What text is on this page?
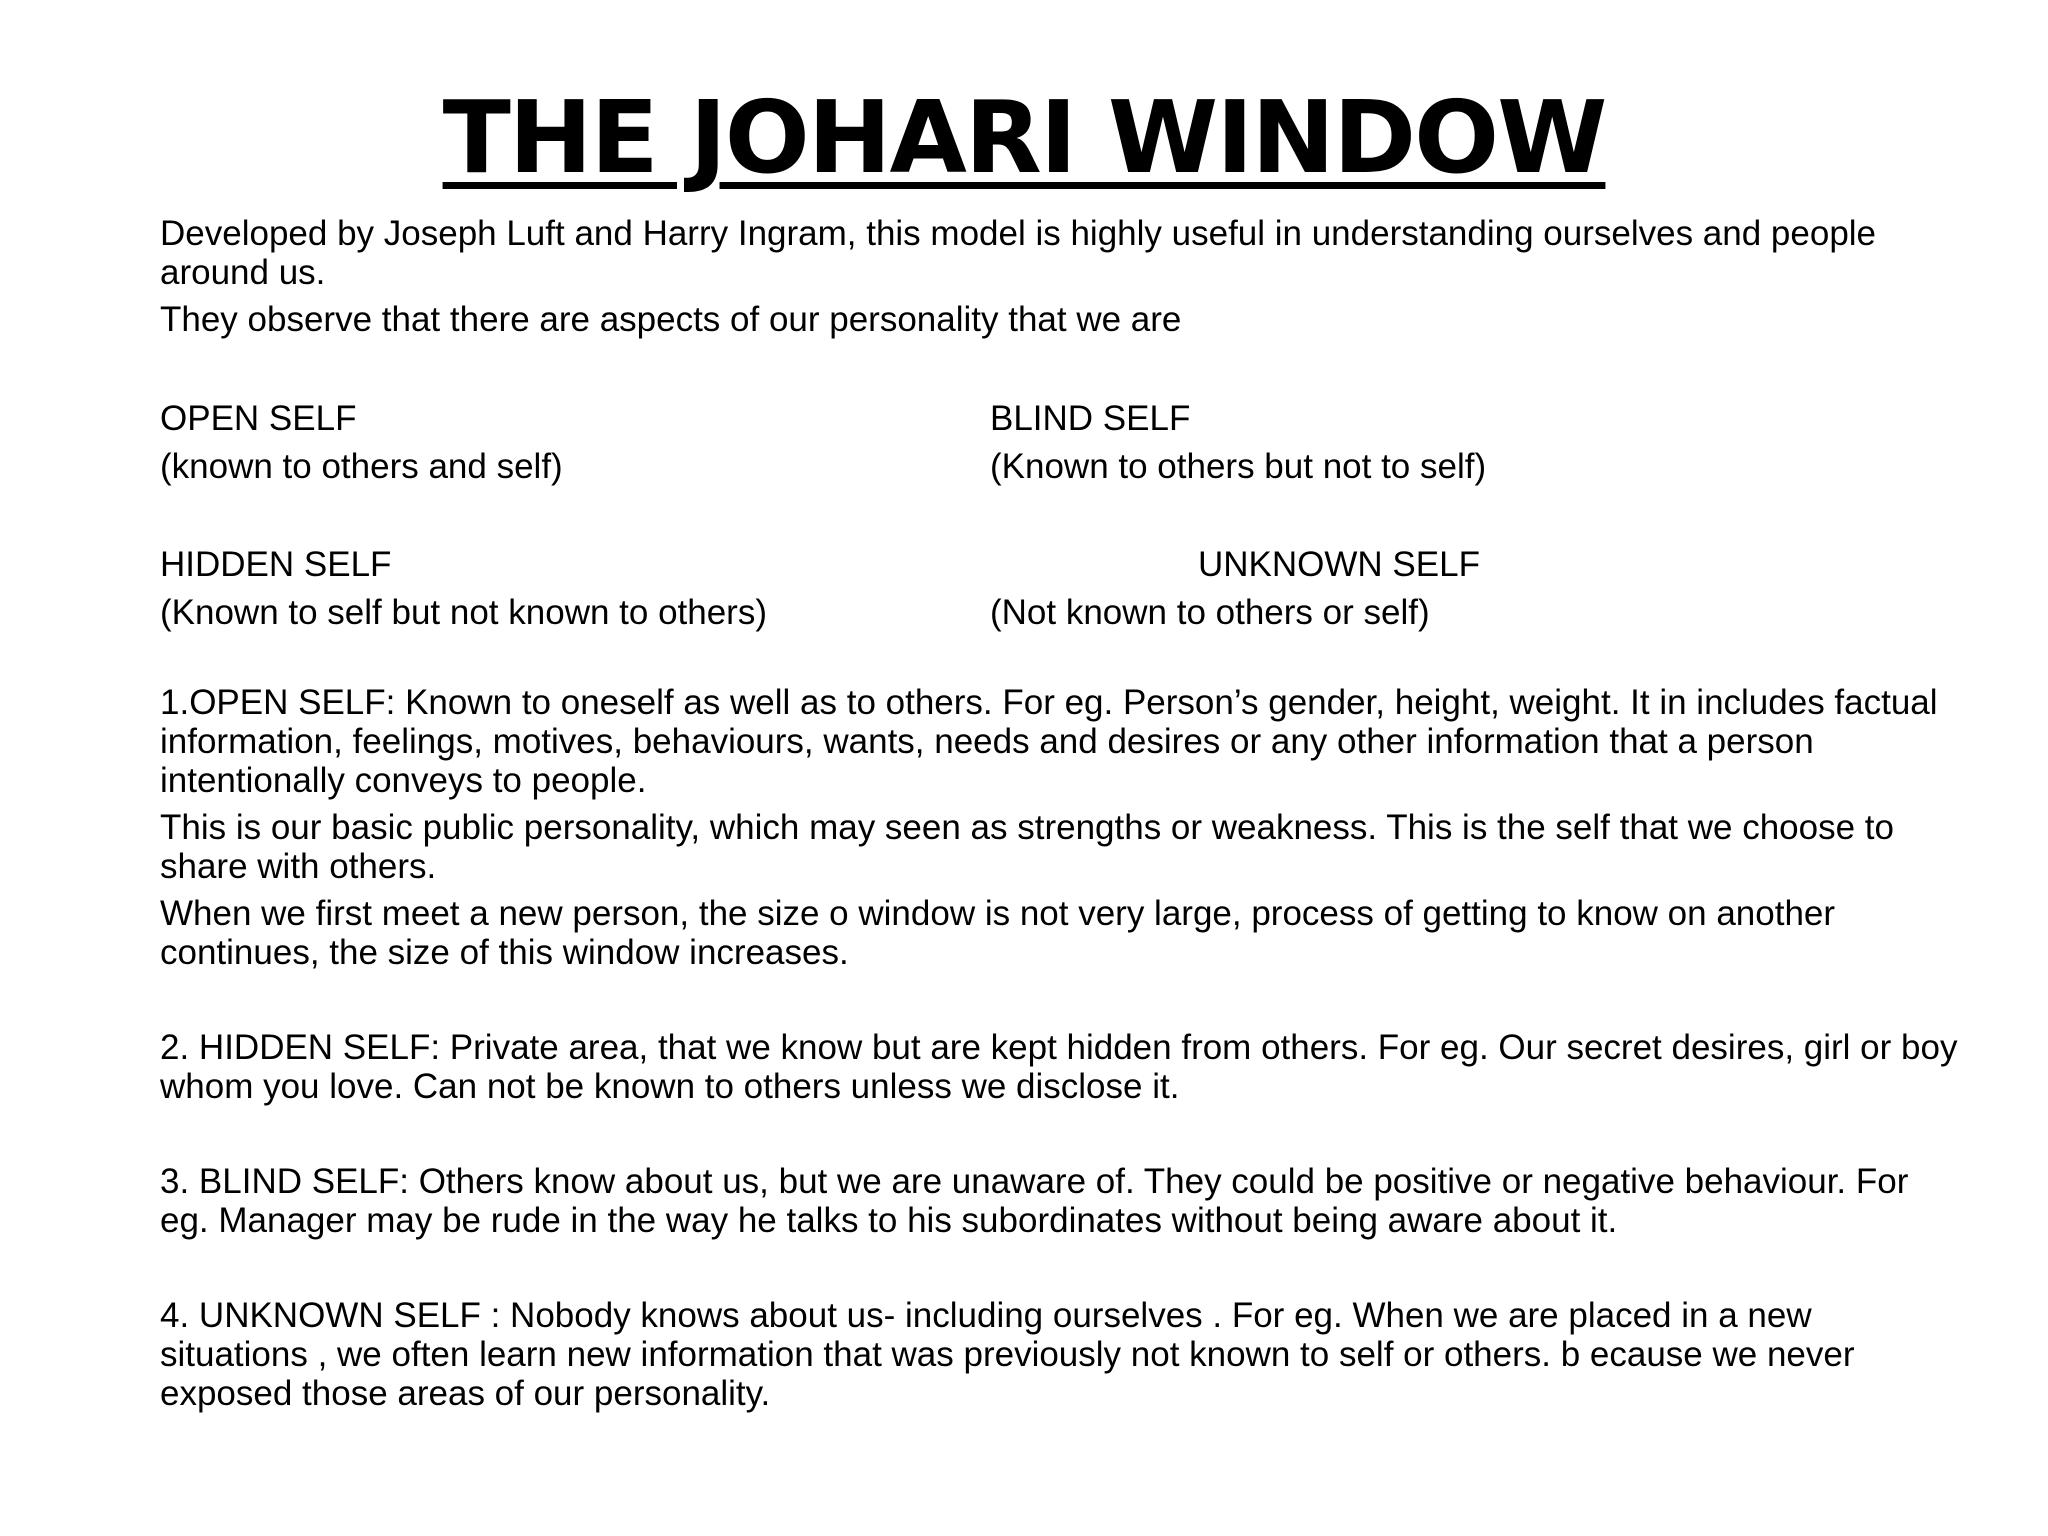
THE JOHARI WINDOW

Developed by Joseph Luft and Harry Ingram, this model is highly useful in understanding ourselves and people around us.

They observe that there are aspects of our personality that we are

OPEN SELF	BLIND SELF
(known to others and self)	(Known to others but not to self)
HIDDEN SELF	UNKNOWN SELF
(Known to self but not known to others)	(Not known to others or self)

1.OPEN SELF: Known to oneself as well as to others. For eg. Person’s gender, height, weight. It in includes factual information, feelings, motives, behaviours, wants, needs and desires or any other information that a person intentionally conveys to people.

This is our basic public personality, which may seen as strengths or weakness. This is the self that we choose to share with others.

When we first meet a new person, the size o window is not very large, process of getting to know on another continues, the size of this window increases.

2. HIDDEN SELF: Private area, that we know but are kept hidden from others. For eg. Our secret desires, girl or boy whom you love. Can not be known to others unless we disclose it.

3. BLIND SELF: Others know about us, but we are unaware of. They could be positive or negative behaviour. For eg. Manager may be rude in the way he talks to his subordinates without being aware about it.

4. UNKNOWN SELF : Nobody knows about us- including ourselves . For eg. When we are placed in a new situations , we often learn new information that was previously not known to self or others. b ecause we never exposed those areas of our personality.
